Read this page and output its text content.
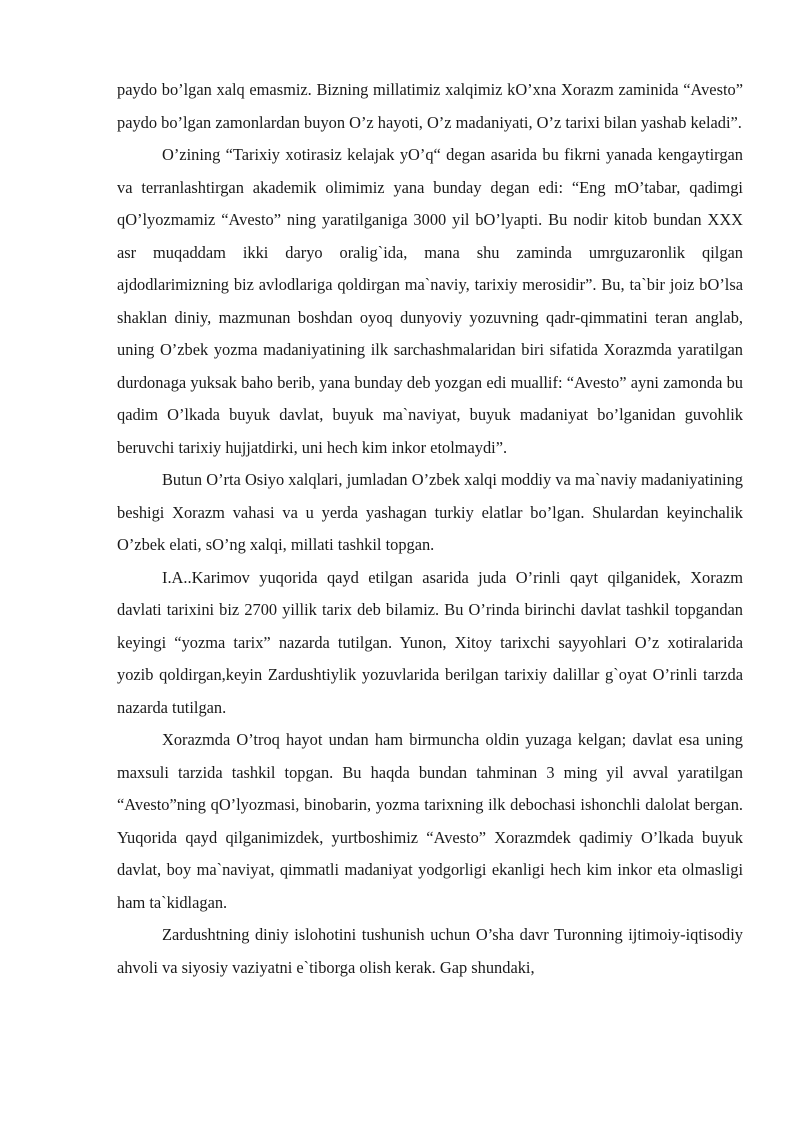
paydo bo’lgan xalq emasmiz. Bizning millatimiz xalqimiz kO’xna Xorazm zaminida “Avesto” paydo bo’lgan zamonlardan buyon O’z hayoti, O’z madaniyati, O’z tarixi bilan yashab keladi”.

O’zining “Tarixiy xotirasiz kelajak yO’q“ degan asarida bu fikrni yanada kengaytirgan va terranlashtirgan akademik olimimiz yana bunday degan edi: “Eng mO’tabar, qadimgi qO’lyozmamiz “Avesto” ning yaratilganiga 3000 yil bO’lyapti. Bu nodir kitob bundan XXX asr muqaddam ikki daryo oralig`ida, mana shu zaminda umrguzaronlik qilgan ajdodlarimizning biz avlodlariga qoldirgan ma`naviy, tarixiy merosidir”. Bu, ta`bir joiz bO’lsa shaklan diniy, mazmunan boshdan oyoq dunyoviy yozuvning qadr-qimmatini teran anglab, uning O’zbek yozma madaniyatining ilk sarchashmalaridan biri sifatida Xorazmda yaratilgan durdonaga yuksak baho berib, yana bunday deb yozgan edi muallif: “Avesto” ayni zamonda bu qadim O’lkada buyuk davlat, buyuk ma`naviyat, buyuk madaniyat bo’lganidan guvohlik beruvchi tarixiy hujjatdirki, uni hech kim inkor etolmaydi”.

Butun O’rta Osiyo xalqlari, jumladan O’zbek xalqi moddiy va ma`naviy madaniyatining beshigi Xorazm vahasi va u yerda yashagan turkiy elatlar bo’lgan. Shulardan keyinchalik O’zbek elati, sO’ng xalqi, millati tashkil topgan.

I.A..Karimov yuqorida qayd etilgan asarida juda O’rinli qayt qilganidek, Xorazm davlati tarixini biz 2700 yillik tarix deb bilamiz. Bu O’rinda birinchi davlat tashkil topgandan keyingi “yozma tarix” nazarda tutilgan. Yunon, Xitoy tarixchi sayyohlari O’z xotiralarida yozib qoldirgan,keyin Zardushtiylik yozuvlarida berilgan tarixiy dalillar g`oyat O’rinli tarzda nazarda tutilgan.

Xorazmda O’troq hayot undan ham birmuncha oldin yuzaga kelgan; davlat esa uning maxsuli tarzida tashkil topgan. Bu haqda bundan tahminan 3 ming yil avval yaratilgan “Avesto”ning qO’lyozmasi, binobarin, yozma tarixning ilk debochasi ishonchli dalolat bergan. Yuqorida qayd qilganimizdek, yurtboshimiz “Avesto” Xorazmdek qadimiy O’lkada buyuk davlat, boy ma`naviyat, qimmatli madaniyat yodgorligi ekanligi hech kim inkor eta olmasligi ham ta`kidlagan.

Zardushtning diniy islohotini tushunish uchun O’sha davr Turonning ijtimoiy-iqtisodiy ahvoli va siyosiy vaziyatni e`tiborga olish kerak. Gap shundaki,
